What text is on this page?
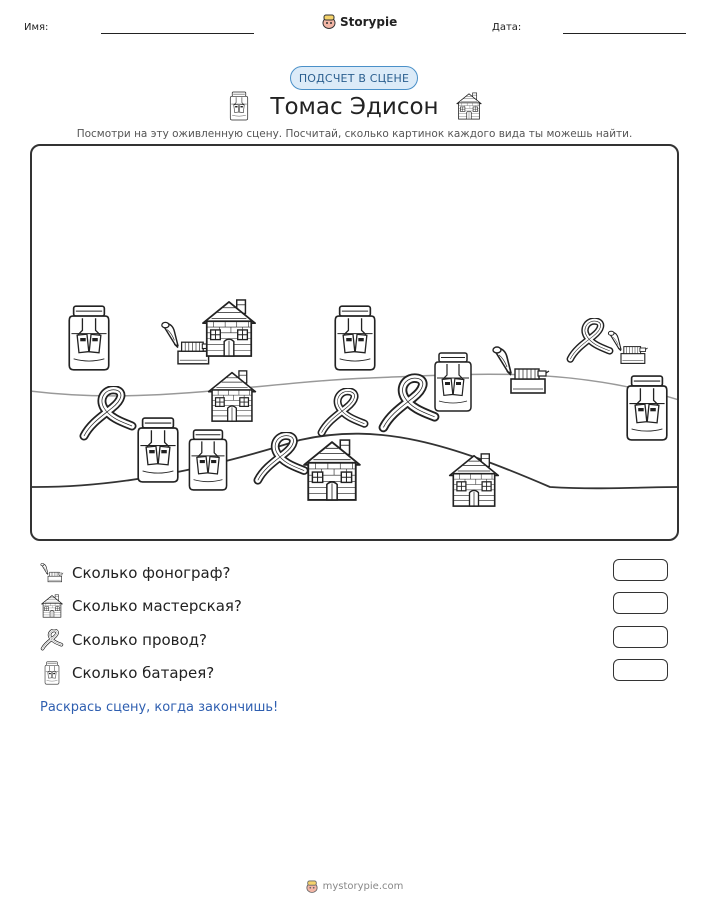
Имя:	Storypie	Дата:
ПОДСЧЕТ В СЦЕНЕ
Томас Эдисон
Посмотри на эту оживленную сцену. Посчитай, сколько картинок каждого вида ты можешь найти.
Сколько фонограф?
Сколько мастерская?
Сколько провод?
Сколько батарея?
Раскрась сцену, когда закончишь!
mystorypie.com
